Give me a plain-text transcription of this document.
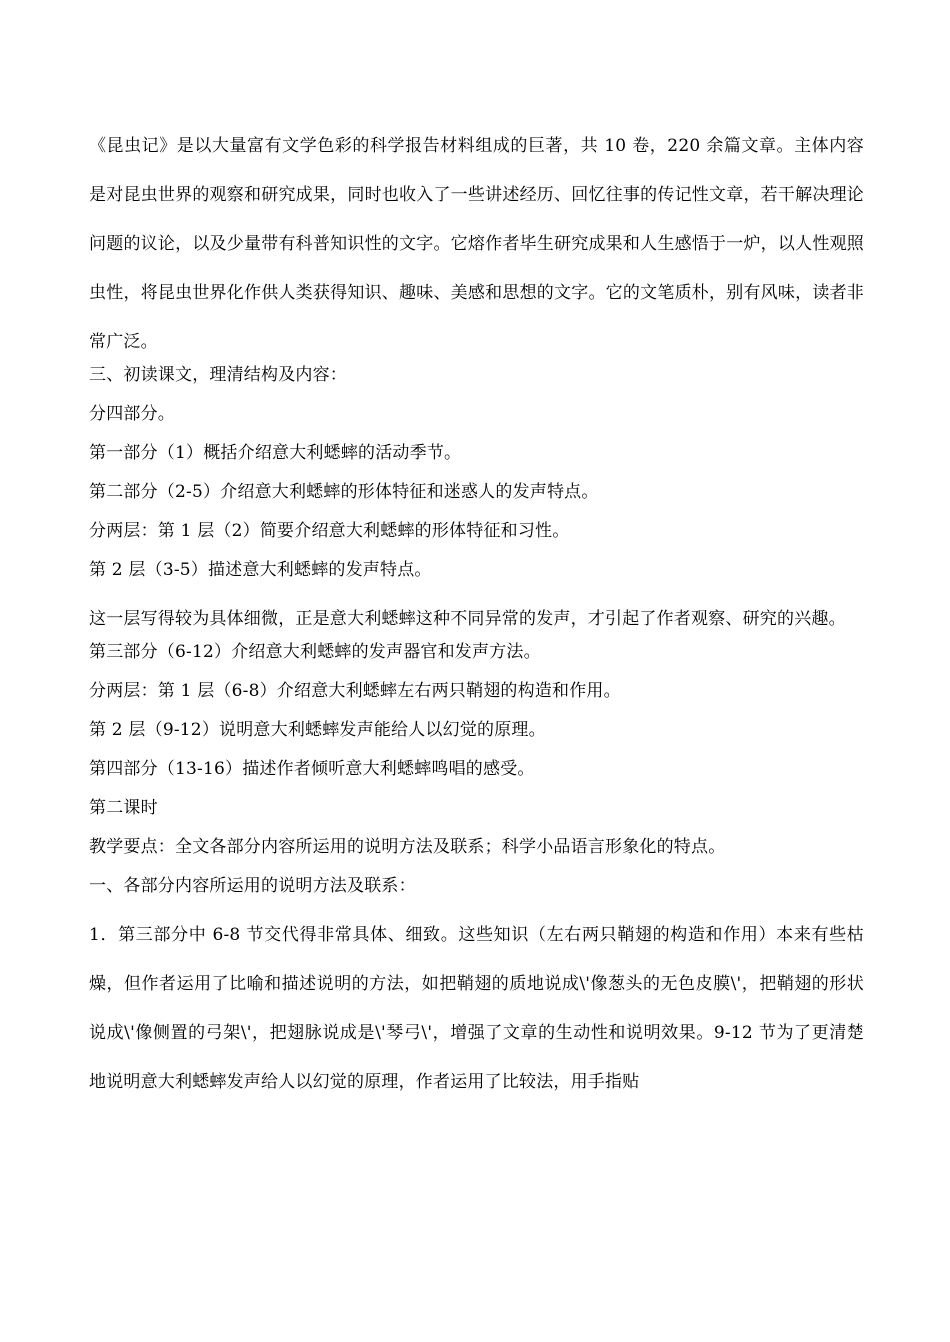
《昆虫记》是以大量富有文学色彩的科学报告材料组成的巨著，共 10 卷，220 余篇文章。主体内容是对昆虫世界的观察和研究成果，同时也收入了一些讲述经历、回忆往事的传记性文章，若干解决理论问题的议论，以及少量带有科普知识性的文字。它熔作者毕生研究成果和人生感悟于一炉，以人性观照虫性，将昆虫世界化作供人类获得知识、趣味、美感和思想的文字。它的文笔质朴，别有风味，读者非常广泛。

三、初读课文，理清结构及内容：

分四部分。

第一部分（1）概括介绍意大利蟋蟀的活动季节。

第二部分（2-5）介绍意大利蟋蟀的形体特征和迷惑人的发声特点。

分两层：第 1 层（2）简要介绍意大利蟋蟀的形体特征和习性。

第 2 层（3-5）描述意大利蟋蟀的发声特点。

这一层写得较为具体细微，正是意大利蟋蟀这种不同异常的发声，才引起了作者观察、研究的兴趣。

第三部分（6-12）介绍意大利蟋蟀的发声器官和发声方法。

分两层：第 1 层（6-8）介绍意大利蟋蟀左右两只鞘翅的构造和作用。

第 2 层（9-12）说明意大利蟋蟀发声能给人以幻觉的原理。

第四部分（13-16）描述作者倾听意大利蟋蟀鸣唱的感受。

第二课时

教学要点：全文各部分内容所运用的说明方法及联系；科学小品语言形象化的特点。

一、各部分内容所运用的说明方法及联系：

1．第三部分中 6-8 节交代得非常具体、细致。这些知识（左右两只鞘翅的构造和作用）本来有些枯燥，但作者运用了比喻和描述说明的方法，如把鞘翅的质地说成\'像葱头的无色皮膜\'，把鞘翅的形状说成\'像侧置的弓架\'，把翅脉说成是\'琴弓\'，增强了文章的生动性和说明效果。9-12 节为了更清楚地说明意大利蟋蟀发声给人以幻觉的原理，作者运用了比较法，用手指贴
